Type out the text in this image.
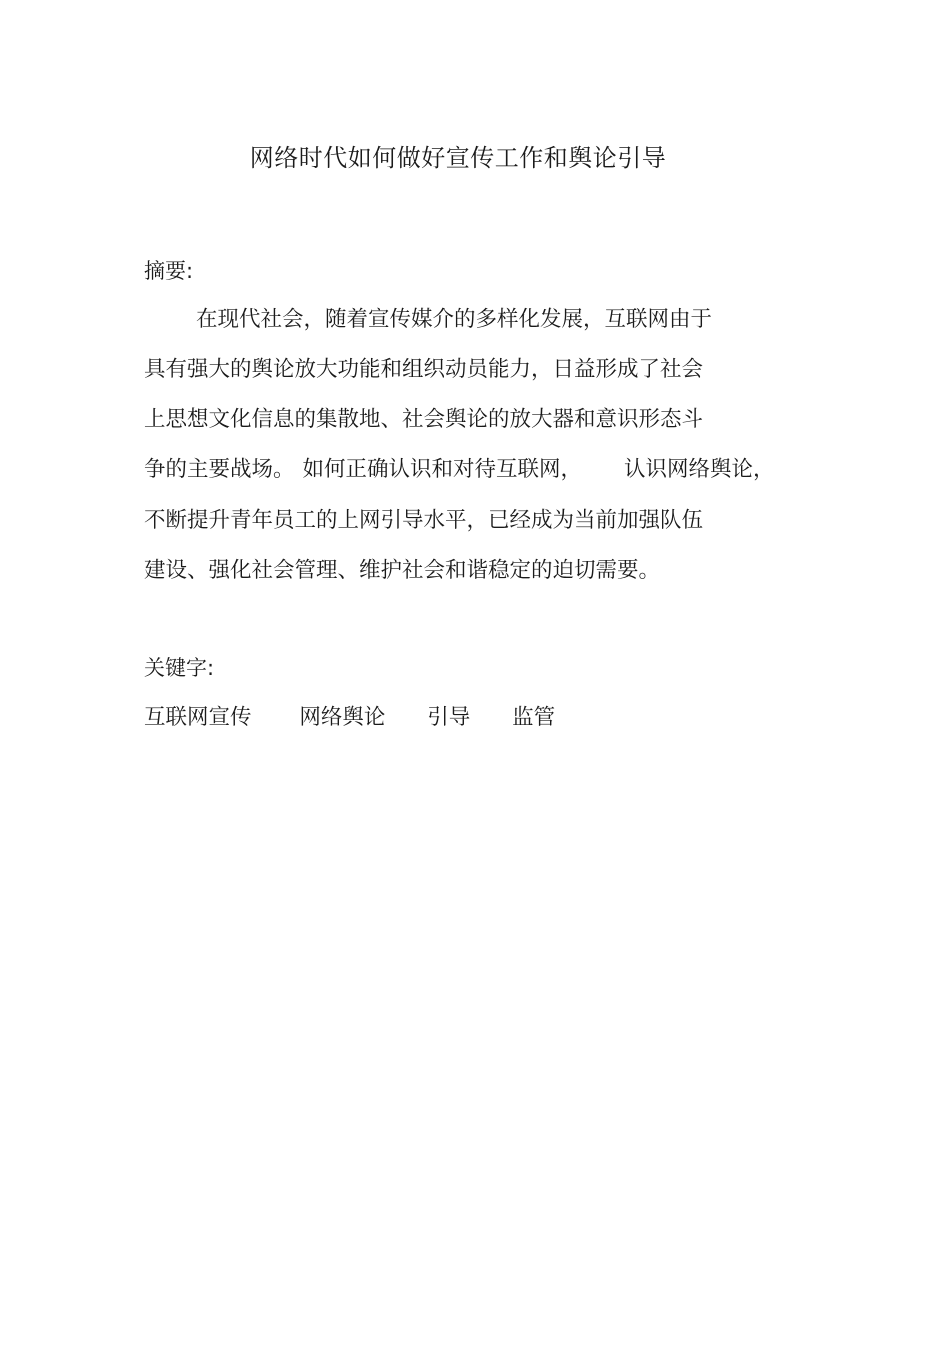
网络时代如何做好宣传工作和舆论引导
摘要:
在现代社会，随着宣传媒介的多样化发展，互联网由于
具有强大的舆论放大功能和组织动员能力，日益形成了社会
上思想文化信息的集散地、社会舆论的放大器和意识形态斗
争的主要战场。 如何正确认识和对待互联网， 认识网络舆论，
不断提升青年员工的上网引导水平，已经成为当前加强队伍
建设、强化社会管理、维护社会和谐稳定的迫切需要。
关键字:
互联网宣传 网络舆论 引导 监管
